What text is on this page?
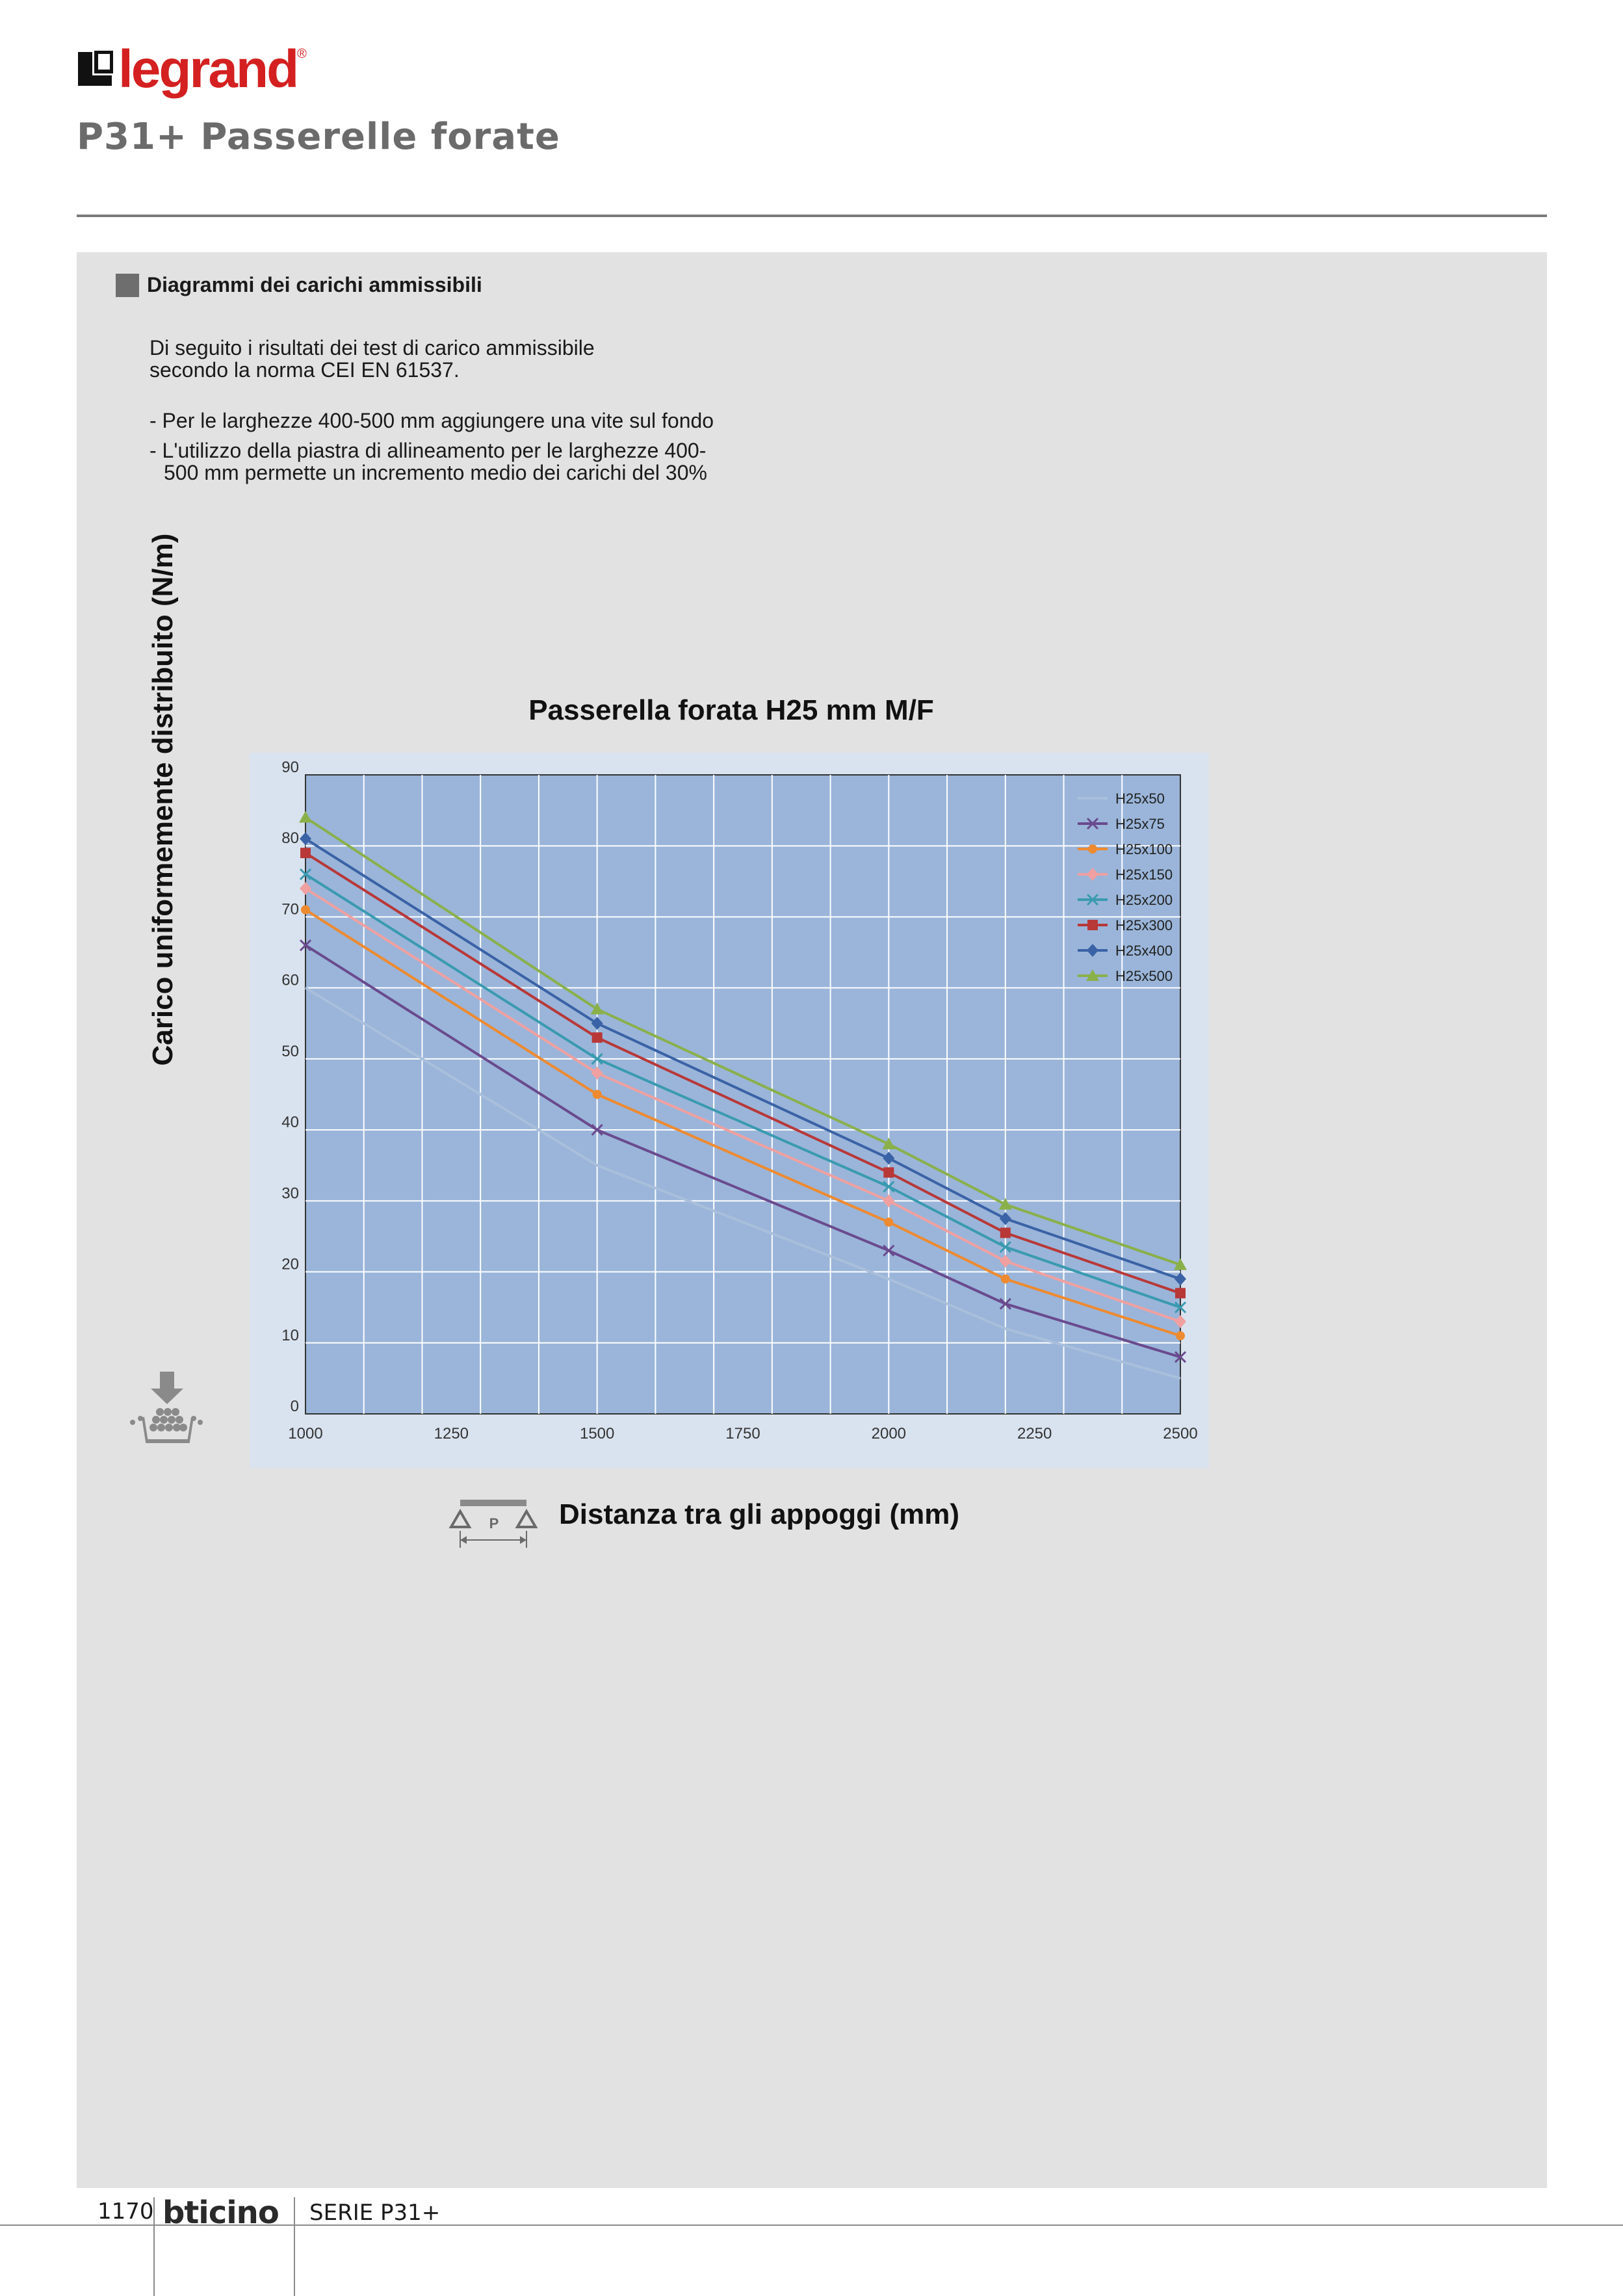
legrand ®
P31+ Passerelle forate
Diagrammi dei carichi ammissibili
Di seguito i risultati dei test di carico ammissibile
secondo la norma CEI EN 61537.
- Per le larghezze 400-500 mm aggiungere una vite sul fondo
- L'utilizzo della piastra di allineamento per le larghezze 400-
500 mm permette un incremento medio dei carichi del 30%
Passerella forata H25 mm M/F
0
10
20
30
40
50
60
70
80
90
1000	1250	1500	1750	2000	2250	2500
H25x50
H25x75
H25x100
H25x150
H25x200
H25x300
H25x400
H25x500
Carico uniformemente distribuito (N/m)
P Distanza tra gli appoggi (mm)
1170 bticino SERIE P31+
